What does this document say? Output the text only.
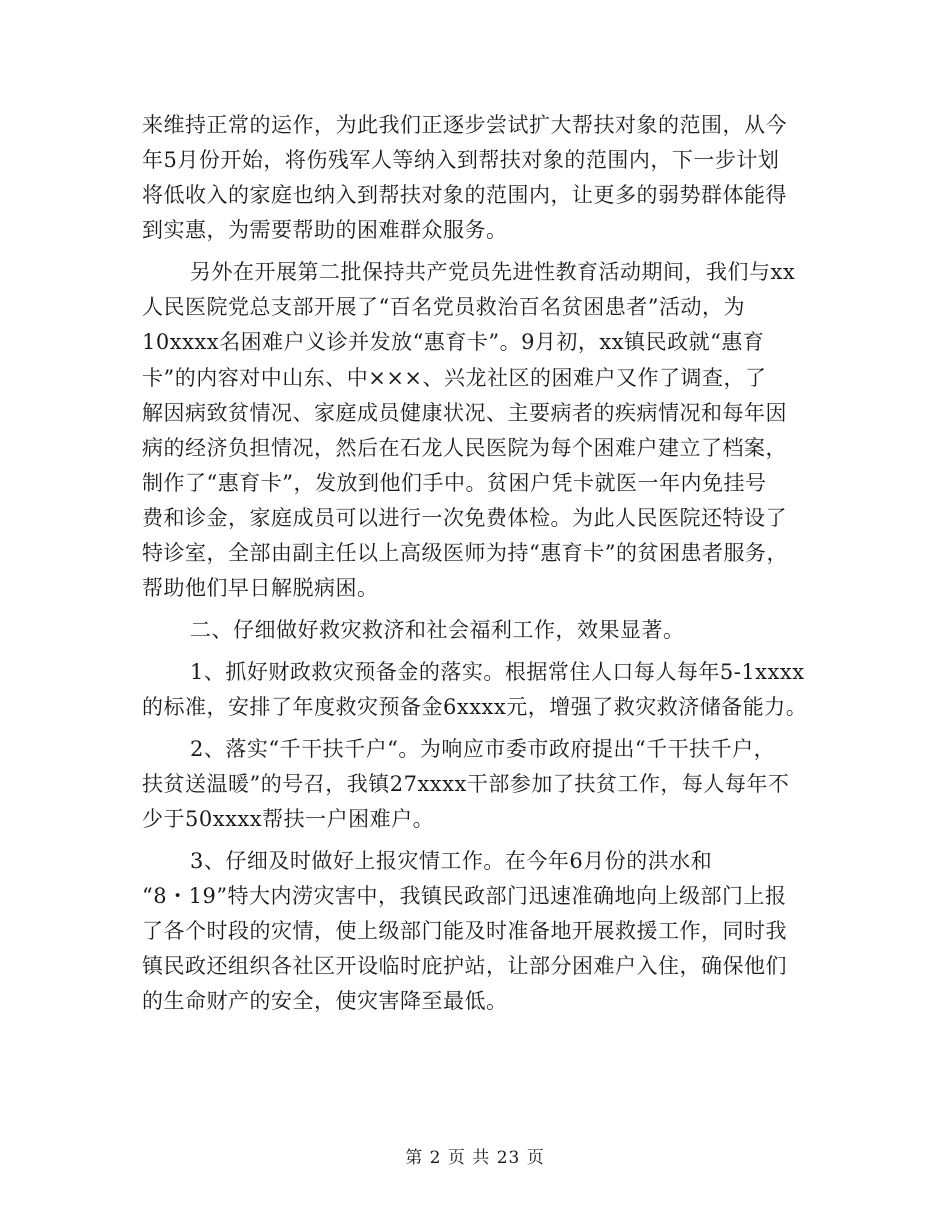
来维持正常的运作，为此我们正逐步尝试扩大帮扶对象的范围，从今
年5月份开始，将伤残军人等纳入到帮扶对象的范围内，下一步计划
将低收入的家庭也纳入到帮扶对象的范围内，让更多的弱势群体能得
到实惠，为需要帮助的困难群众服务。
另外在开展第二批保持共产党员先进性教育活动期间，我们与xx
人民医院党总支部开展了“百名党员救治百名贫困患者”活动，为
10xxxx名困难户义诊并发放“惠育卡”。9月初，xx镇民政就“惠育
卡”的内容对中山东、中×××、兴龙社区的困难户又作了调查，了
解因病致贫情况、家庭成员健康状况、主要病者的疾病情况和每年因
病的经济负担情况，然后在石龙人民医院为每个困难户建立了档案，
制作了“惠育卡”，发放到他们手中。贫困户凭卡就医一年内免挂号
费和诊金，家庭成员可以进行一次免费体检。为此人民医院还特设了
特诊室，全部由副主任以上高级医师为持“惠育卡”的贫困患者服务，
帮助他们早日解脱病困。
二、仔细做好救灾救济和社会福利工作，效果显著。
1、抓好财政救灾预备金的落实。根据常住人口每人每年5-1xxxx
的标准，安排了年度救灾预备金6xxxx元，增强了救灾救济储备能力。
2、落实“千干扶千户“。为响应市委市政府提出“千干扶千户，
扶贫送温暖”的号召，我镇27xxxx干部参加了扶贫工作，每人每年不
少于50xxxx帮扶一户困难户。
3、仔细及时做好上报灾情工作。在今年6月份的洪水和
“8・19”特大内涝灾害中，我镇民政部门迅速准确地向上级部门上报
了各个时段的灾情，使上级部门能及时准备地开展救援工作，同时我
镇民政还组织各社区开设临时庇护站，让部分困难户入住，确保他们
的生命财产的安全，使灾害降至最低。
第 2 页 共 23 页
